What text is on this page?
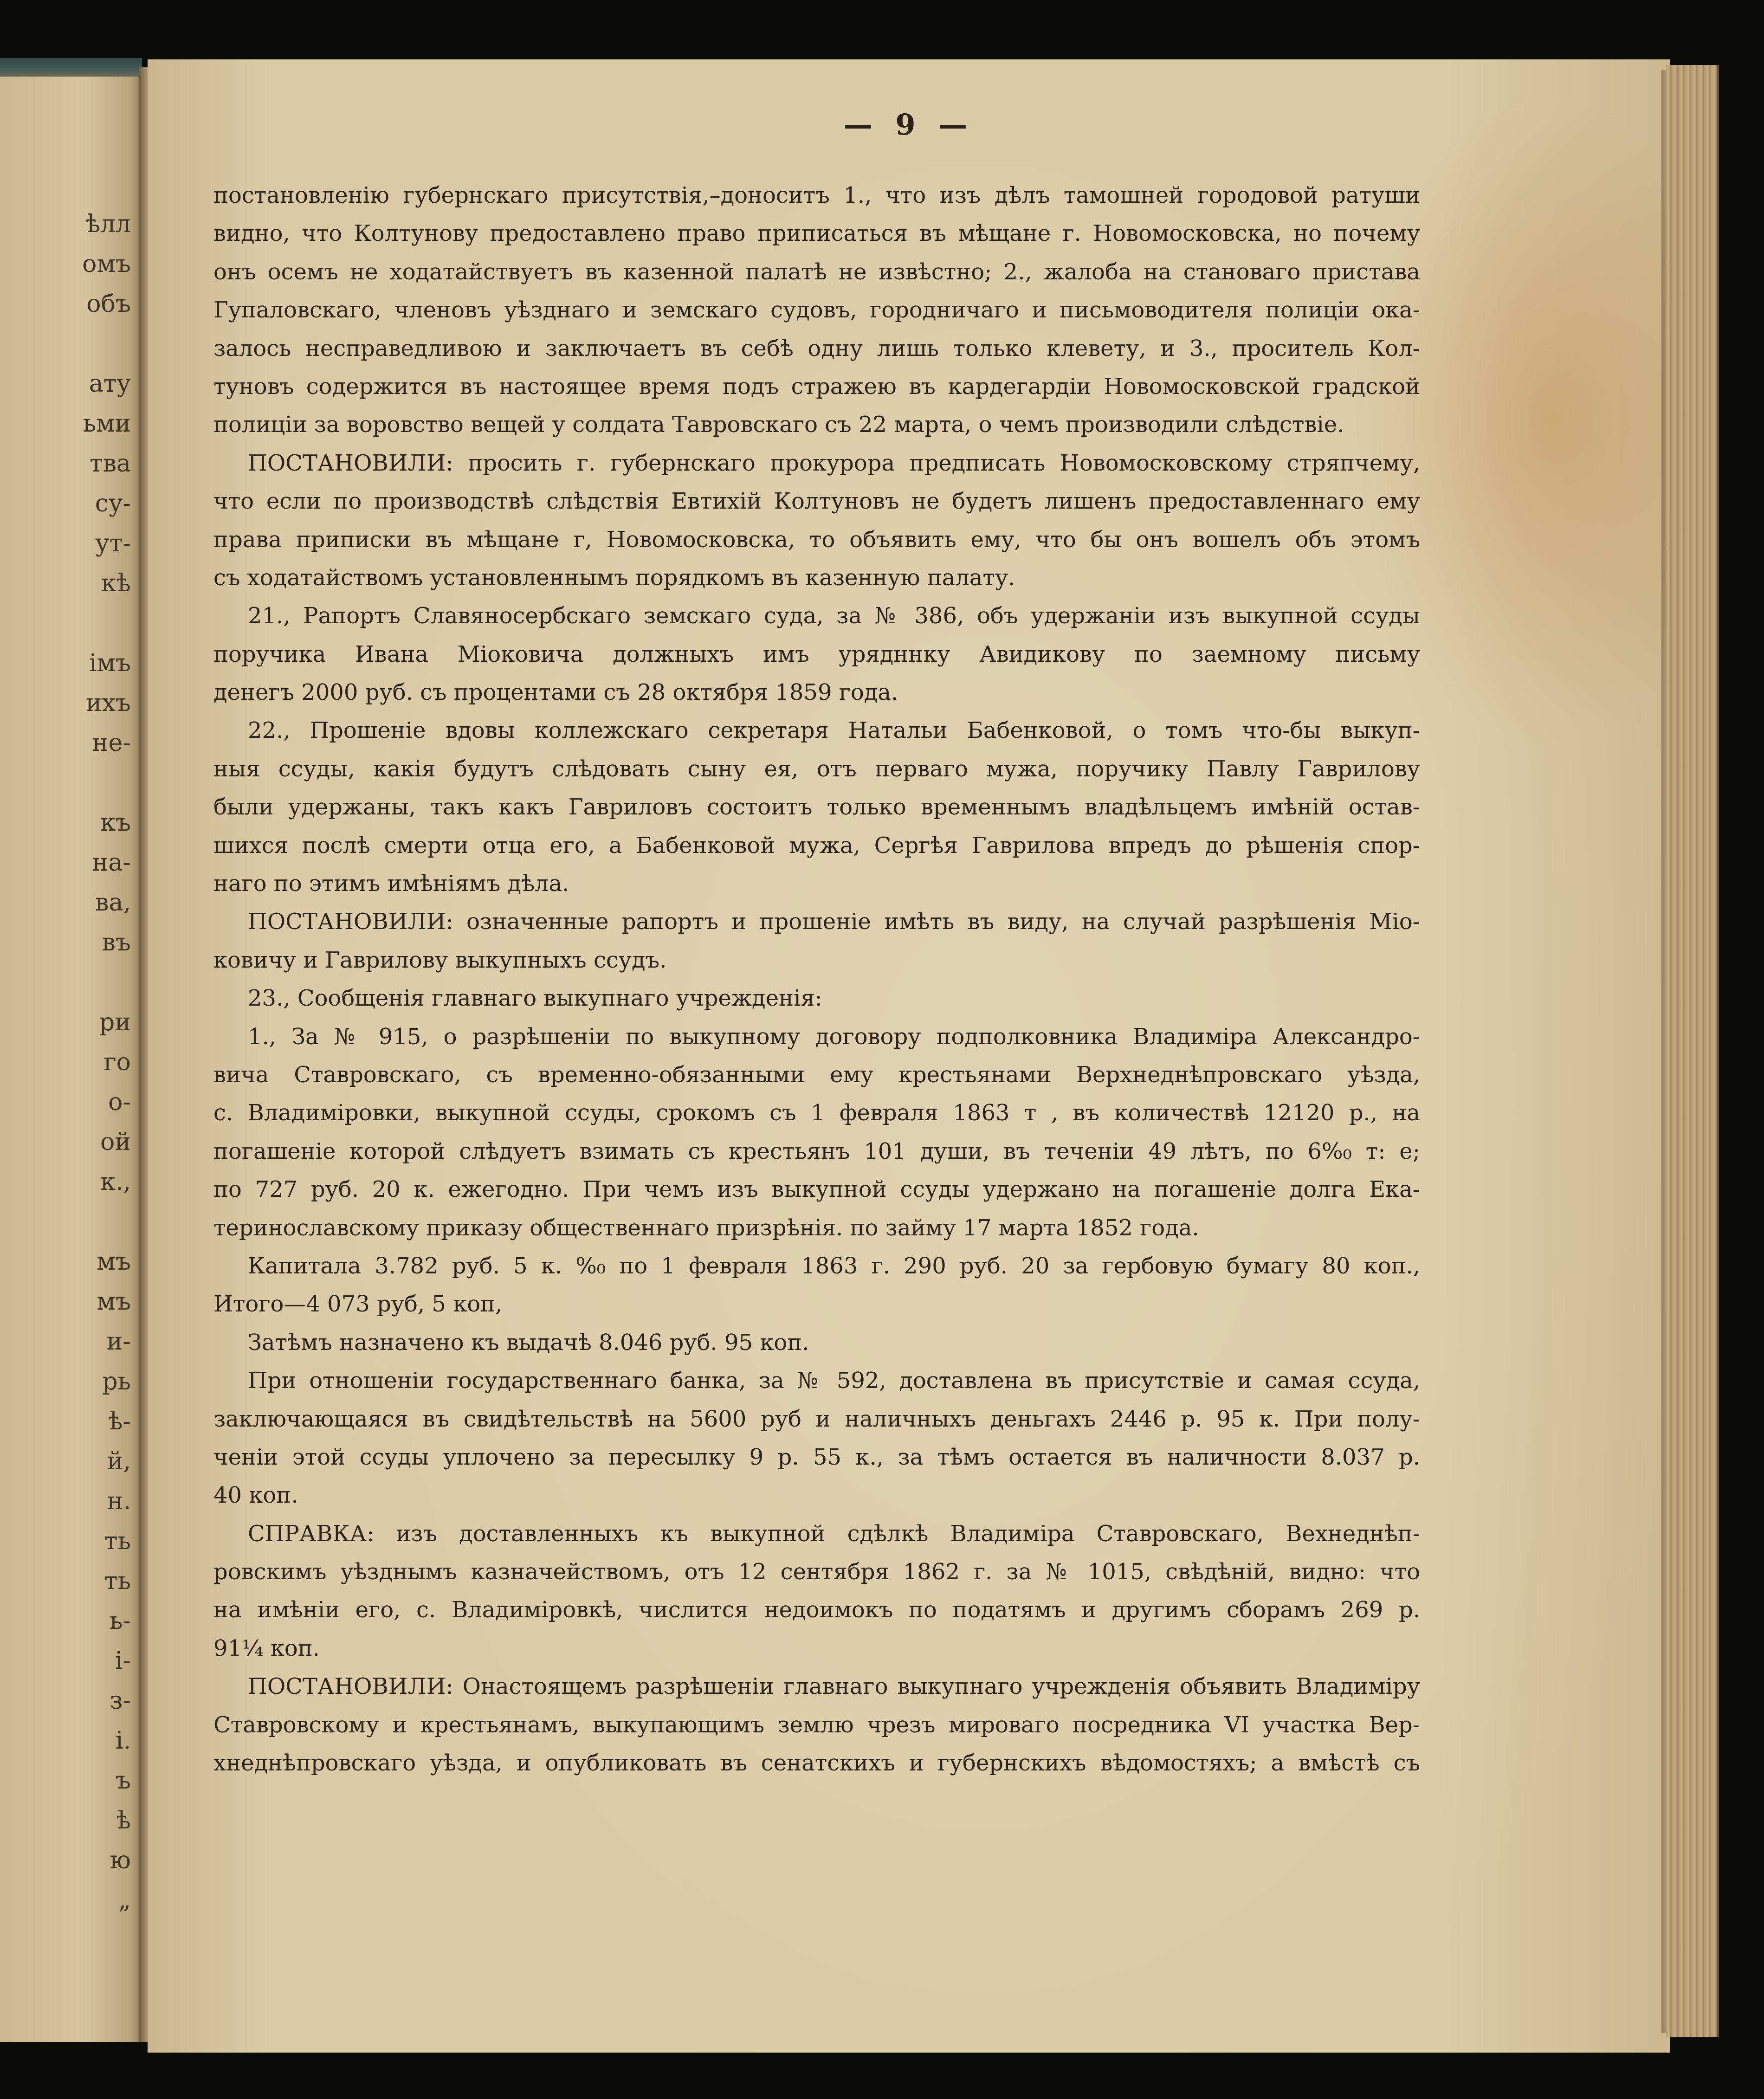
ѣлл
омъ
объ
ату
ьми
тва
су-
ут-
кѣ
імъ
ихъ
не-
къ
на-
ва,
въ
ри
го
о-
ой
к.,
мъ
мъ
и-
рь
ѣ-
й,
н.
ть
ть
ь-
і-
з-
і.
ъ
ѣ
ю
„
— 9 —
постановленію губернскаго присутствія,–доноситъ 1., что изъ дѣлъ тамошней городовой ратуши
видно, что Колтунову предоставлено право приписаться въ мѣщане г. Новомосковска, но почему
онъ осемъ не ходатайствуетъ въ казенной палатѣ не извѣстно; 2., жалоба на становаго пристава
Гупаловскаго, членовъ уѣзднаго и земскаго судовъ, городничаго и письмоводителя полиціи ока-
залось несправедливою и заключаетъ въ себѣ одну лишь только клевету, и 3., проситель Кол-
туновъ содержится въ настоящее время подъ стражею въ кардегардіи Новомосковской градской
полиціи за воровство вещей у солдата Тавровскаго съ 22 марта, о чемъ производили слѣдствіе.
ПОСТАНОВИЛИ: просить г. губернскаго прокурора предписать Новомосковскому стряпчему,
что если по производствѣ слѣдствія Евтихій Колтуновъ не будетъ лишенъ предоставленнаго ему
права приписки въ мѣщане г, Новомосковска, то объявить ему, что бы онъ вошелъ объ этомъ
съ ходатайствомъ установленнымъ порядкомъ въ казенную палату.
21., Рапортъ Славяносербскаго земскаго суда, за № 386, объ удержаніи изъ выкупной ссуды
поручика Ивана Міоковича должныхъ имъ урядннку Авидикову по заемному письму
денегъ 2000 руб. съ процентами съ 28 октября 1859 года.
22., Прошеніе вдовы коллежскаго секретаря Натальи Бабенковой, о томъ что-бы выкуп-
ныя ссуды, какія будутъ слѣдовать сыну ея, отъ перваго мужа, поручику Павлу Гаврилову
были удержаны, такъ какъ Гавриловъ состоитъ только временнымъ владѣльцемъ имѣній остав-
шихся послѣ смерти отца его, а Бабенковой мужа, Сергѣя Гаврилова впредъ до рѣшенія спор-
наго по этимъ имѣніямъ дѣла.
ПОСТАНОВИЛИ: означенные рапортъ и прошеніе имѣть въ виду, на случай разрѣшенія Міо-
ковичу и Гаврилову выкупныхъ ссудъ.
23., Сообщенія главнаго выкупнаго учрежденія:
1., За № 915, о разрѣшеніи по выкупному договору подполковника Владиміра Александро-
вича Ставровскаго, съ временно-обязанными ему крестьянами Верхнеднѣпровскаго уѣзда,
с. Владиміровки, выкупной ссуды, срокомъ съ 1 февраля 1863 т , въ количествѣ 12120 р., на
погашеніе которой слѣдуетъ взимать съ крестьянъ 101 души, въ теченіи 49 лѣтъ, по 6%₀ т: е;
по 727 руб. 20 к. ежегодно. При чемъ изъ выкупной ссуды удержано на погашеніе долга Ека-
теринославскому приказу общественнаго призрѣнія. по займу 17 марта 1852 года.
Капитала 3.782 руб. 5 к. %₀ по 1 февраля 1863 г. 290 руб. 20 за гербовую бумагу 80 коп.,
Итого—4 073 руб, 5 коп,
Затѣмъ назначено къ выдачѣ 8.046 руб. 95 коп.
При отношеніи государственнаго банка, за № 592, доставлена въ присутствіе и самая ссуда,
заключающаяся въ свидѣтельствѣ на 5600 руб и наличныхъ деньгахъ 2446 р. 95 к. При полу-
ченіи этой ссуды уплочено за пересылку 9 р. 55 к., за тѣмъ остается въ наличности 8.037 р.
40 коп.
СПРАВКА: изъ доставленныхъ къ выкупной сдѣлкѣ Владиміра Ставровскаго, Вехнеднѣп-
ровскимъ уѣзднымъ казначействомъ, отъ 12 сентября 1862 г. за № 1015, свѣдѣній, видно: что
на имѣніи его, с. Владиміровкѣ, числится недоимокъ по податямъ и другимъ сборамъ 269 р.
91¼ коп.
ПОСТАНОВИЛИ: Онастоящемъ разрѣшеніи главнаго выкупнаго учрежденія объявить Владиміру
Ставровскому и крестьянамъ, выкупающимъ землю чрезъ мироваго посредника VI участка Вер-
хнеднѣпровскаго уѣзда, и опубликовать въ сенатскихъ и губернскихъ вѣдомостяхъ; а вмѣстѣ съ
